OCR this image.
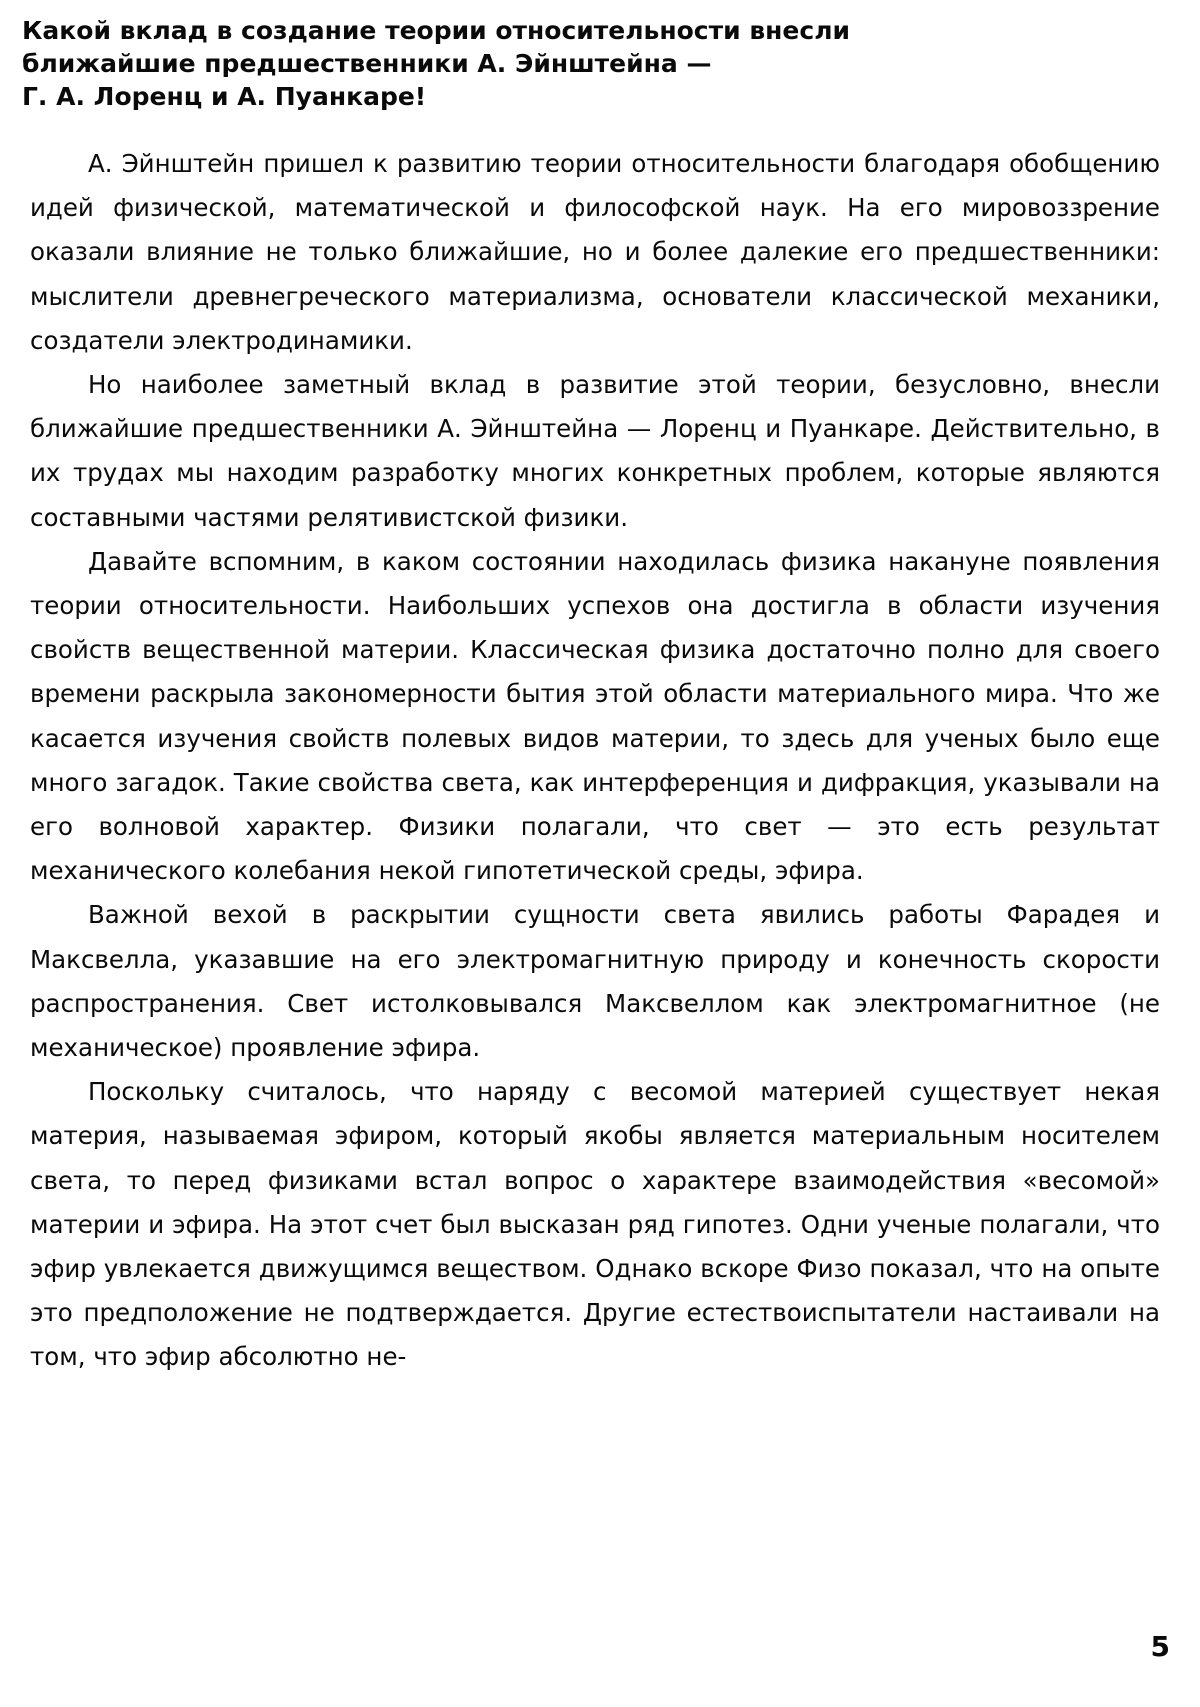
Какой вклад в создание теории относительности внесли
ближайшие предшественники А. Эйнштейна —
Г. А. Лоренц и А. Пуанкаре!

А. Эйнштейн пришел к развитию теории относительности благодаря обобщению идей физической, математической и философской наук. На его мировоззрение оказали влияние не только ближайшие, но и более далекие его предшественники: мыслители древнегреческого материализма, основатели классической механики, создатели электродинамики.

Но наиболее заметный вклад в развитие этой теории, безусловно, внесли ближайшие предшественники А. Эйнштейна — Лоренц и Пуанкаре. Действительно, в их трудах мы находим разработку многих конкретных проблем, которые являются составными частями релятивистской физики.

Давайте вспомним, в каком состоянии находилась физика накануне появления теории относительности. Наибольших успехов она достигла в области изучения свойств вещественной материи. Классическая физика достаточно полно для своего времени раскрыла закономерности бытия этой области материального мира. Что же касается изучения свойств полевых видов материи, то здесь для ученых было еще много загадок. Такие свойства света, как интерференция и дифракция, указывали на его волновой характер. Физики полагали, что свет — это есть результат механического колебания некой гипотетической среды, эфира.

Важной вехой в раскрытии сущности света явились работы Фарадея и Максвелла, указавшие на его электромагнитную природу и конечность скорости распространения. Свет истолковывался Максвеллом как электромагнитное (не механическое) проявление эфира.

Поскольку считалось, что наряду с весомой материей существует некая материя, называемая эфиром, который якобы является материальным носителем света, то перед физиками встал вопрос о характере взаимодействия «весомой» материи и эфира. На этот счет был высказан ряд гипотез. Одни ученые полагали, что эфир увлекается движущимся веществом. Однако вскоре Физо показал, что на опыте это предположение не подтверждается. Другие естествоиспытатели настаивали на том, что эфир абсолютно не-

5
